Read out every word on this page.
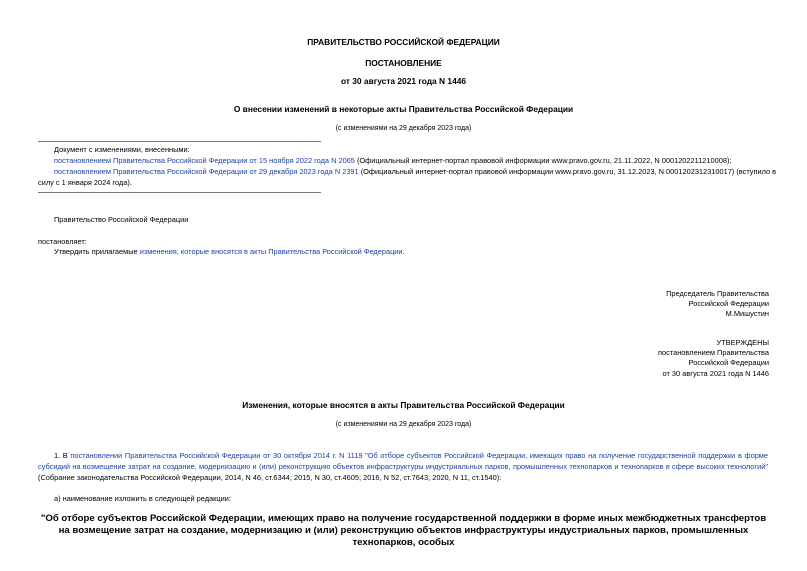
ПРАВИТЕЛЬСТВО РОССИЙСКОЙ ФЕДЕРАЦИИ
ПОСТАНОВЛЕНИЕ
от 30 августа 2021 года N 1446
О внесении изменений в некоторые акты Правительства Российской Федерации
(с изменениями на 29 декабря 2023 года)
Документ с изменениями, внесенными:
постановлением Правительства Российской Федерации от 15 ноября 2022 года N 2065 (Официальный интернет-портал правовой информации www.pravo.gov.ru, 21.11.2022, N 0001202211210008);
постановлением Правительства Российской Федерации от 29 декабря 2023 года N 2391 (Официальный интернет-портал правовой информации www.pravo.gov.ru, 31.12.2023, N 0001202312310017) (вступило в
силу с 1 января 2024 года).
Правительство Российской Федерации
постановляет:
Утвердить прилагаемые изменения, которые вносятся в акты Правительства Российской Федерации.
Председатель Правительства
Российской Федерации
М.Мишустин
УТВЕРЖДЕНЫ
постановлением Правительства
Российской Федерации
от 30 августа 2021 года N 1446
Изменения, которые вносятся в акты Правительства Российской Федерации
(с изменениями на 29 декабря 2023 года)
1. В постановлении Правительства Российской Федерации от 30 октября 2014 г. N 1119 "Об отборе субъектов Российской Федерации, имеющих право на получение государственной поддержки в форме субсидий на возмещение затрат на создание, модернизацию и (или) реконструкцию объектов инфраструктуры индустриальных парков, промышленных технопарков и технопарков в сфере высоких технологий" (Собрание законодательства Российской Федерации, 2014, N 46, ст.6344; 2015, N 30, ст.4605; 2016, N 52, ст.7643; 2020, N 11, ст.1540):
а) наименование изложить в следующей редакции:
"Об отборе субъектов Российской Федерации, имеющих право на получение государственной поддержки в форме иных межбюджетных трансфертов на возмещение затрат на создание, модернизацию и (или) реконструкцию объектов инфраструктуры индустриальных парков, промышленных технопарков, особых
